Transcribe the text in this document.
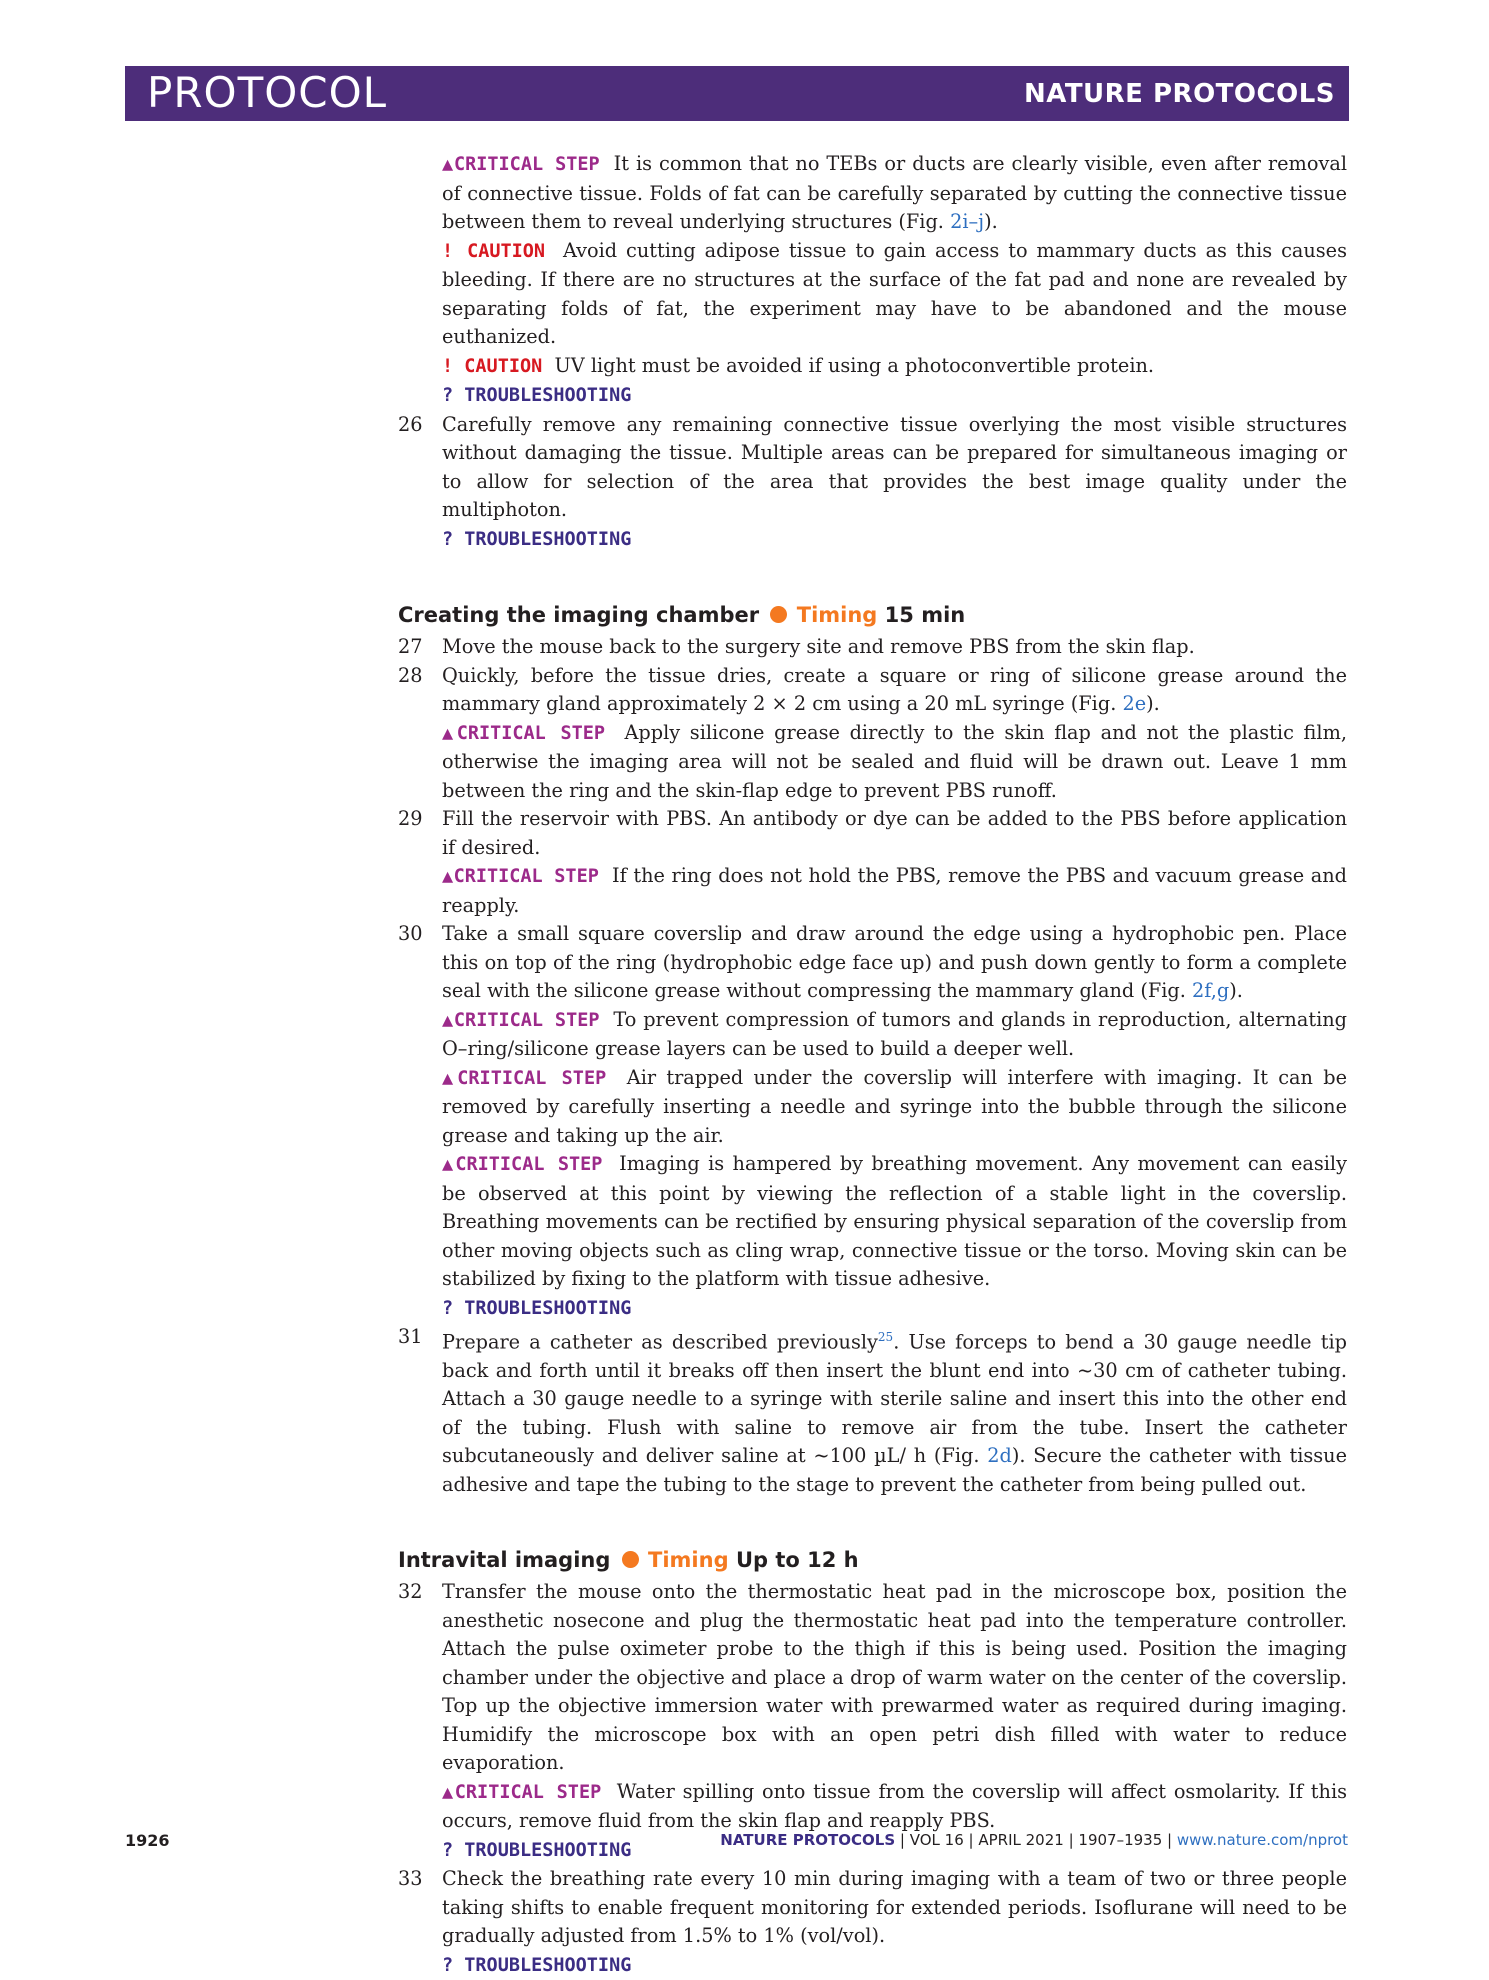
PROTOCOL	NATURE PROTOCOLS
▲CRITICAL STEP It is common that no TEBs or ducts are clearly visible, even after removal of connective tissue. Folds of fat can be carefully separated by cutting the connective tissue between them to reveal underlying structures (Fig. 2i–j).
! CAUTION Avoid cutting adipose tissue to gain access to mammary ducts as this causes bleeding. If there are no structures at the surface of the fat pad and none are revealed by separating folds of fat, the experiment may have to be abandoned and the mouse euthanized.
! CAUTION UV light must be avoided if using a photoconvertible protein.
? TROUBLESHOOTING
26 Carefully remove any remaining connective tissue overlying the most visible structures without damaging the tissue. Multiple areas can be prepared for simultaneous imaging or to allow for selection of the area that provides the best image quality under the multiphoton.
? TROUBLESHOOTING
Creating the imaging chamber Timing 15 min
27 Move the mouse back to the surgery site and remove PBS from the skin flap.
28 Quickly, before the tissue dries, create a square or ring of silicone grease around the mammary gland approximately 2 × 2 cm using a 20 mL syringe (Fig. 2e).
▲CRITICAL STEP Apply silicone grease directly to the skin flap and not the plastic film, otherwise the imaging area will not be sealed and fluid will be drawn out. Leave 1 mm between the ring and the skin-flap edge to prevent PBS runoff.
29 Fill the reservoir with PBS. An antibody or dye can be added to the PBS before application if desired.
▲CRITICAL STEP If the ring does not hold the PBS, remove the PBS and vacuum grease and reapply.
30 Take a small square coverslip and draw around the edge using a hydrophobic pen. Place this on top of the ring (hydrophobic edge face up) and push down gently to form a complete seal with the silicone grease without compressing the mammary gland (Fig. 2f,g).
▲CRITICAL STEP To prevent compression of tumors and glands in reproduction, alternating O–ring/silicone grease layers can be used to build a deeper well.
▲CRITICAL STEP Air trapped under the coverslip will interfere with imaging. It can be removed by carefully inserting a needle and syringe into the bubble through the silicone grease and taking up the air.
▲CRITICAL STEP Imaging is hampered by breathing movement. Any movement can easily be observed at this point by viewing the reflection of a stable light in the coverslip. Breathing movements can be rectified by ensuring physical separation of the coverslip from other moving objects such as cling wrap, connective tissue or the torso. Moving skin can be stabilized by fixing to the platform with tissue adhesive.
? TROUBLESHOOTING
31 Prepare a catheter as described previously$^{25}$. Use forceps to bend a 30 gauge needle tip back and forth until it breaks off then insert the blunt end into ~30 cm of catheter tubing. Attach a 30 gauge needle to a syringe with sterile saline and insert this into the other end of the tubing. Flush with saline to remove air from the tube. Insert the catheter subcutaneously and deliver saline at ~100 µL/ h (Fig. 2d). Secure the catheter with tissue adhesive and tape the tubing to the stage to prevent the catheter from being pulled out.
Intravital imaging Timing Up to 12 h
32 Transfer the mouse onto the thermostatic heat pad in the microscope box, position the anesthetic nosecone and plug the thermostatic heat pad into the temperature controller. Attach the pulse oximeter probe to the thigh if this is being used. Position the imaging chamber under the objective and place a drop of warm water on the center of the coverslip. Top up the objective immersion water with prewarmed water as required during imaging. Humidify the microscope box with an open petri dish filled with water to reduce evaporation.
▲CRITICAL STEP Water spilling onto tissue from the coverslip will affect osmolarity. If this occurs, remove fluid from the skin flap and reapply PBS.
? TROUBLESHOOTING
33 Check the breathing rate every 10 min during imaging with a team of two or three people taking shifts to enable frequent monitoring for extended periods. Isoflurane will need to be gradually adjusted from 1.5% to 1% (vol/vol).
? TROUBLESHOOTING
1926	NATURE PROTOCOLS | VOL 16 | APRIL 2021 | 1907–1935 | www.nature.com/nprot
